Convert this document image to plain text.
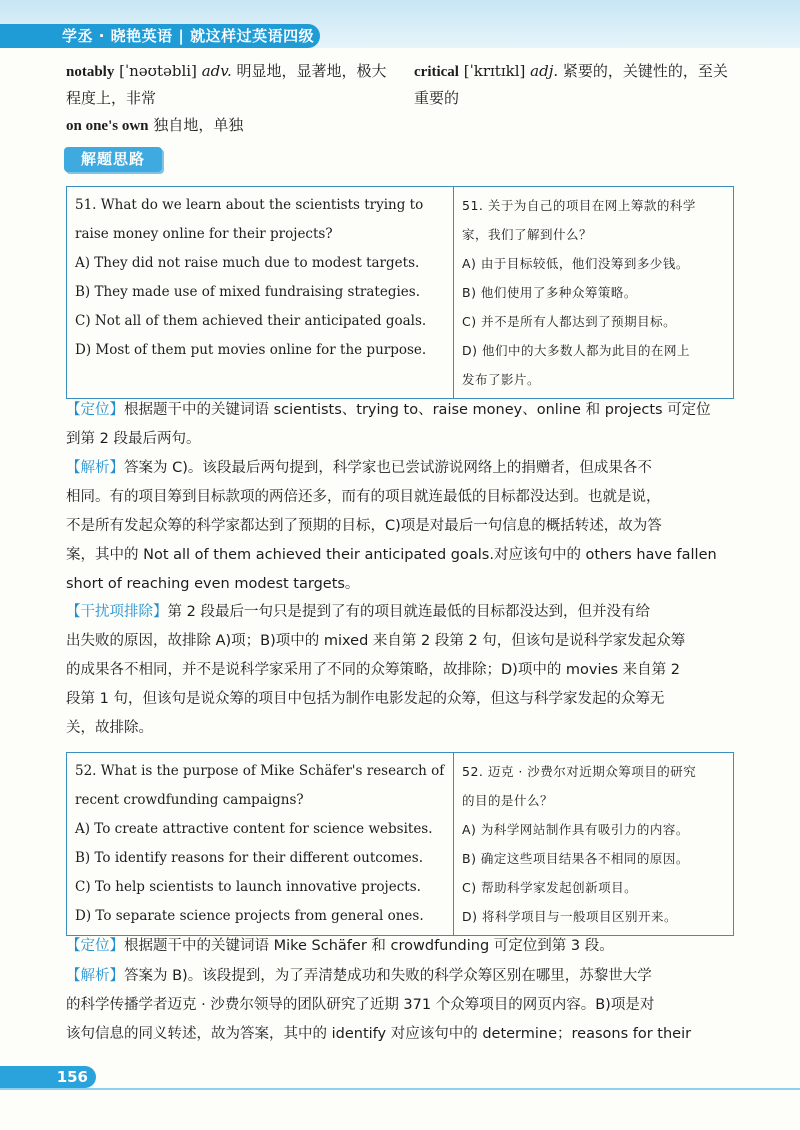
学丞 · 晓艳英语 | 就这样过英语四级
notably [ˈnəʊtəbli] adv. 明显地，显著地，极大
程度上，非常
critical [ˈkrɪtɪkl] adj. 紧要的，关键性的，至关
重要的
on one's own 独自地，单独
解题思路
51. What do we learn about the scientists trying to
raise money online for their projects?
A) They did not raise much due to modest targets.
B) They made use of mixed fundraising strategies.
C) Not all of them achieved their anticipated goals.
D) Most of them put movies online for the purpose.

51. 关于为自己的项目在网上筹款的科学
家，我们了解到什么？
A) 由于目标较低，他们没筹到多少钱。
B) 他们使用了多种众筹策略。
C) 并不是所有人都达到了预期目标。
D) 他们中的大多数人都为此目的在网上
发布了影片。
【 定位 】 根据题干中的关键词语 scientists、trying to、raise money、online 和 projects 可定位
到第 2 段最后两句。
【 解析 】 答案为 C)。该段最后两句提到，科学家也已尝试游说网络上的捐赠者，但成果各不
相同。有的项目筹到目标款项的两倍还多，而有的项目就连最低的目标都没达到。也就是说，
不是所有发起众筹的科学家都达到了预期的目标，C)项是对最后一句信息的概括转述，故为答
案，其中的 Not all of them achieved their anticipated goals.对应该句中的 others have fallen
short of reaching even modest targets。
【 干扰项排除 】 第 2 段最后一句只是提到了有的项目就连最低的目标都没达到，但并没有给
出失败的原因，故排除 A)项；B)项中的 mixed 来自第 2 段第 2 句，但该句是说科学家发起众筹
的成果各不相同，并不是说科学家采用了不同的众筹策略，故排除；D)项中的 movies 来自第 2
段第 1 句，但该句是说众筹的项目中包括为制作电影发起的众筹，但这与科学家发起的众筹无
关，故排除。
52. What is the purpose of Mike Schäfer's research of
recent crowdfunding campaigns?
A) To create attractive content for science websites.
B) To identify reasons for their different outcomes.
C) To help scientists to launch innovative projects.
D) To separate science projects from general ones.

52. 迈克 · 沙费尔对近期众筹项目的研究
的目的是什么？
A) 为科学网站制作具有吸引力的内容。
B) 确定这些项目结果各不相同的原因。
C) 帮助科学家发起创新项目。
D) 将科学项目与一般项目区别开来。
【 定位 】 根据题干中的关键词语 Mike Schäfer 和 crowdfunding 可定位到第 3 段。
【 解析 】 答案为 B)。该段提到，为了弄清楚成功和失败的科学众筹区别在哪里，苏黎世大学
的科学传播学者迈克 · 沙费尔领导的团队研究了近期 371 个众筹项目的网页内容。B)项是对
该句信息的同义转述，故为答案，其中的 identify 对应该句中的 determine；reasons for their
156
